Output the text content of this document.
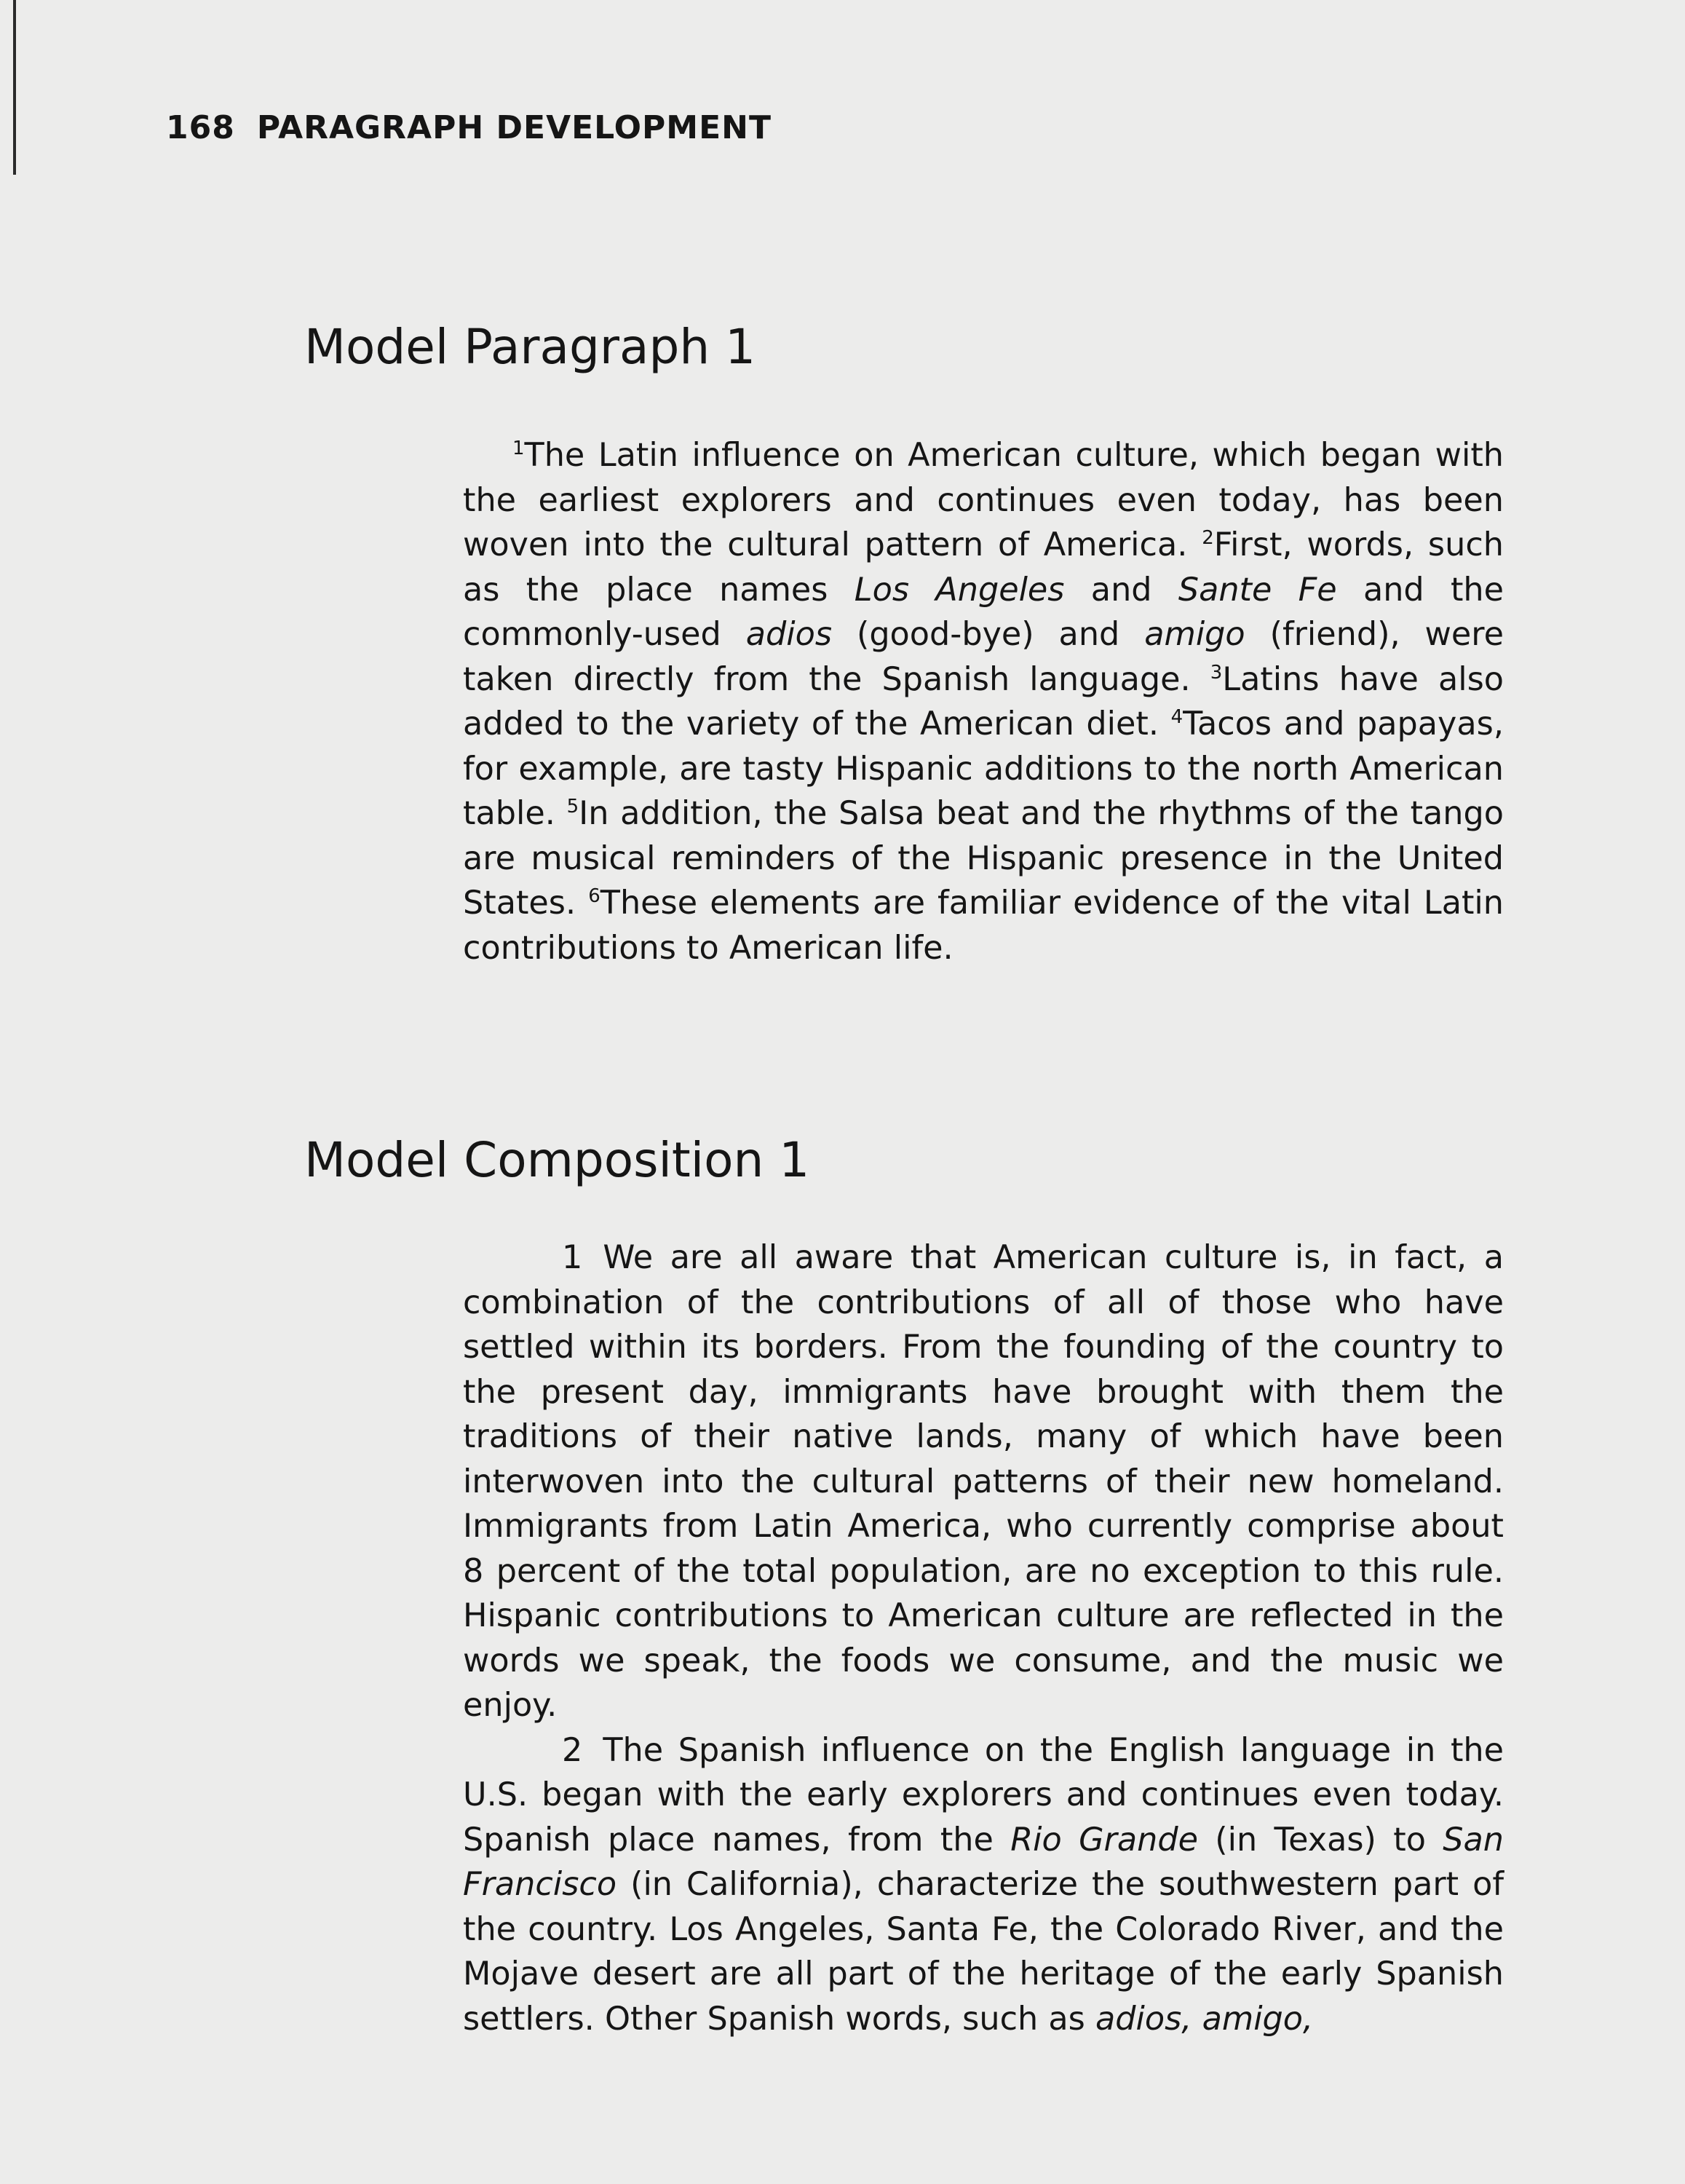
168 PARAGRAPH DEVELOPMENT
Model Paragraph 1

$^1$The Latin influence on American culture, which began with the earliest explorers and continues even today, has been woven into the cultural pattern of America. $^2$First, words, such as the place names Los Angeles and Sante Fe and the commonly-used adios (good-bye) and amigo (friend), were taken directly from the Spanish language. $^3$Latins have also added to the variety of the American diet. $^4$Tacos and papayas, for example, are tasty Hispanic additions to the north American table. $^5$In addition, the Salsa beat and the rhythms of the tango are musical reminders of the Hispanic presence in the United States. $^6$These elements are familiar evidence of the vital Latin contributions to American life.

Model Composition 1

1 We are all aware that American culture is, in fact, a combination of the contributions of all of those who have settled within its borders. From the founding of the country to the present day, immigrants have brought with them the traditions of their native lands, many of which have been interwoven into the cultural patterns of their new homeland. Immigrants from Latin America, who currently comprise about 8 percent of the total population, are no exception to this rule. Hispanic contributions to American culture are reflected in the words we speak, the foods we consume, and the music we enjoy.

2 The Spanish influence on the English language in the U.S. began with the early explorers and continues even today. Spanish place names, from the Rio Grande (in Texas) to San Francisco (in California), characterize the southwestern part of the country. Los Angeles, Santa Fe, the Colorado River, and the Mojave desert are all part of the heritage of the early Spanish settlers. Other Spanish words, such as adios, amigo,
